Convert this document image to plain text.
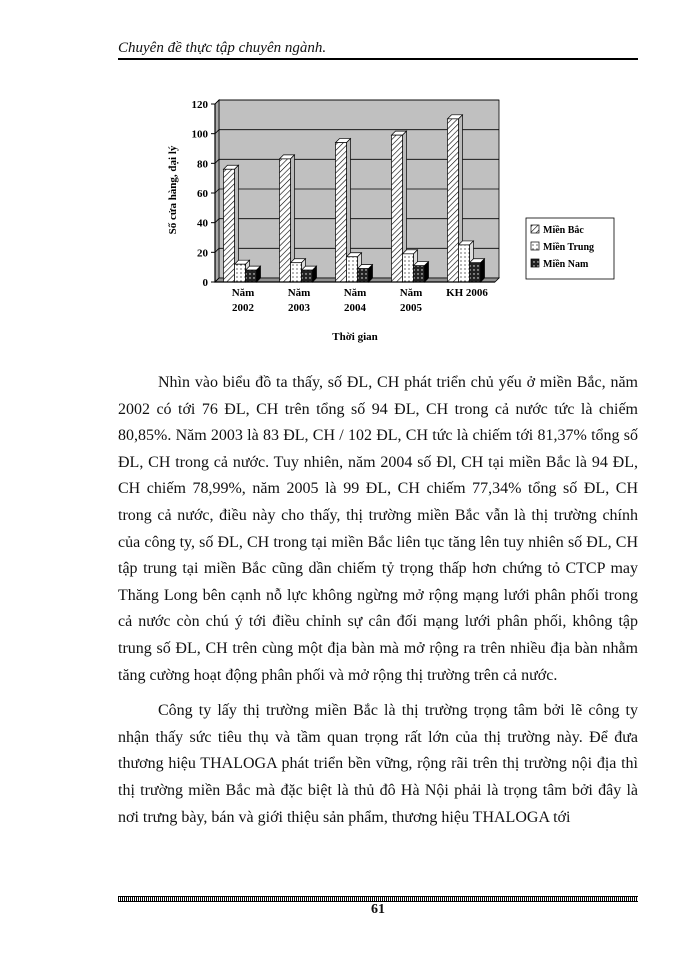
Chuyên đề thực tập chuyên ngành.
0
20
40
60
80
100
120
Năm
2002
Năm
2003
Năm
2004
Năm
2005
KH 2006
Miền Bắc
Miền Trung
Miền Nam
Số cửa hàng, đại lý
Thời gian

Nhìn vào biểu đồ ta thấy, số ĐL, CH phát triển chủ yếu ở miền Bắc, năm 2002 có tới 76 ĐL, CH trên tổng số 94 ĐL, CH trong cả nước tức là chiếm 80,85%. Năm 2003 là 83 ĐL, CH / 102 ĐL, CH tức là chiếm tới 81,37% tổng số ĐL, CH trong cả nước. Tuy nhiên, năm 2004 số Đl, CH tại miền Bắc là 94 ĐL, CH chiếm 78,99%, năm 2005 là 99 ĐL, CH chiếm 77,34% tổng số ĐL, CH trong cả nước, điều này cho thấy, thị trường miền Bắc vẫn là thị trường chính của công ty, số ĐL, CH trong tại miền Bắc liên tục tăng lên tuy nhiên số ĐL, CH tập trung tại miền Bắc cũng dần chiếm tỷ trọng thấp hơn chứng tỏ CTCP may Thăng Long bên cạnh nỗ lực không ngừng mở rộng mạng lưới phân phối trong cả nước còn chú ý tới điều chỉnh sự cân đối mạng lưới phân phối, không tập trung số ĐL, CH trên cùng một địa bàn mà mở rộng ra trên nhiều địa bàn nhằm tăng cường hoạt động phân phối và mở rộng thị trường trên cả nước.

Công ty lấy thị trường miền Bắc là thị trường trọng tâm bởi lẽ công ty nhận thấy sức tiêu thụ và tầm quan trọng rất lớn của thị trường này. Để đưa thương hiệu THALOGA phát triển bền vững, rộng rãi trên thị trường nội địa thì thị trường miền Bắc mà đặc biệt là thủ đô Hà Nội phải là trọng tâm bởi đây là nơi trưng bày, bán và giới thiệu sản phẩm, thương hiệu THALOGA tới

61
